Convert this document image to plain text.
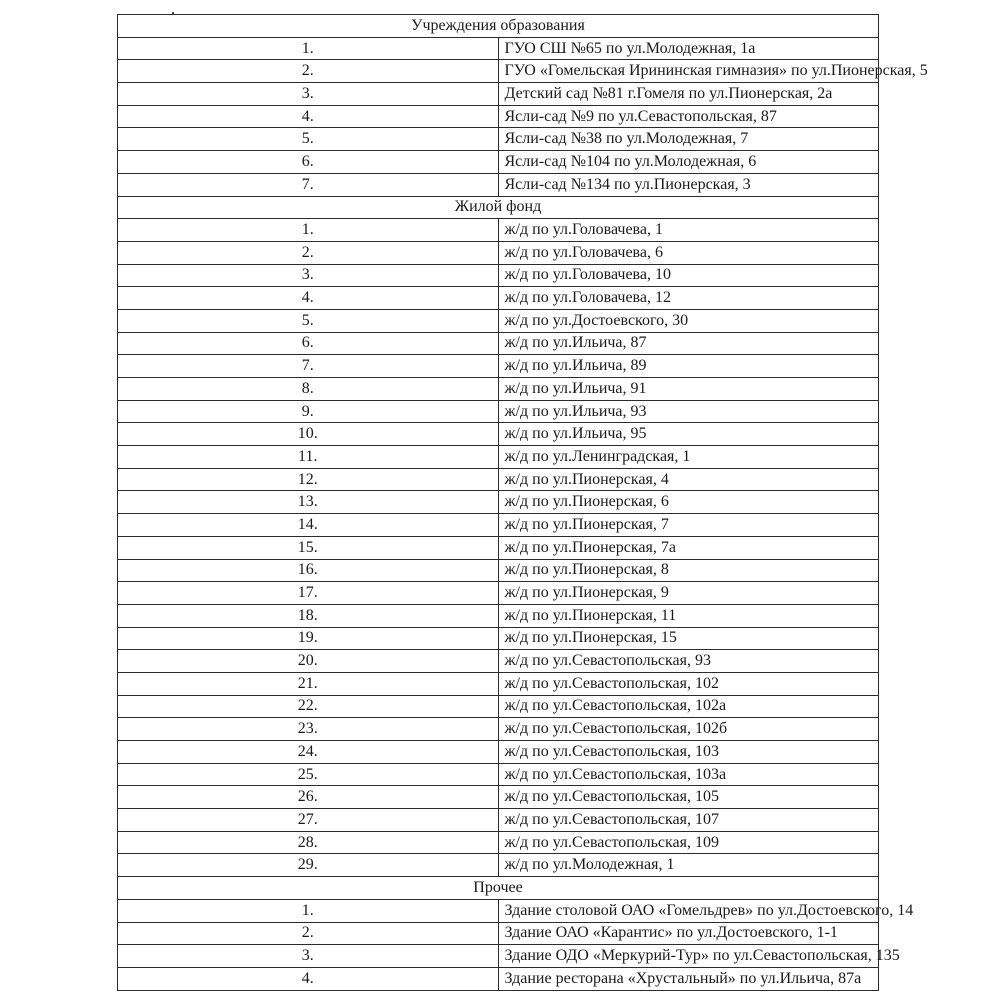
Учреждения образования	
1.	ГУО СШ №65 по ул.Молодежная, 1а
2.	ГУО «Гомельская Ирининская гимназия» по ул.Пионерская, 5
3.	Детский сад №81 г.Гомеля по ул.Пионерская, 2а
4.	Ясли-сад №9 по ул.Севастопольская, 87
5.	Ясли-сад №38 по ул.Молодежная, 7
6.	Ясли-сад №104 по ул.Молодежная, 6
7.	Ясли-сад №134 по ул.Пионерская, 3
Жилой фонд	
1.	ж/д по ул.Головачева, 1
2.	ж/д по ул.Головачева, 6
3.	ж/д по ул.Головачева, 10
4.	ж/д по ул.Головачева, 12
5.	ж/д по ул.Достоевского, 30
6.	ж/д по ул.Ильича, 87
7.	ж/д по ул.Ильича, 89
8.	ж/д по ул.Ильича, 91
9.	ж/д по ул.Ильича, 93
10.	ж/д по ул.Ильича, 95
11.	ж/д по ул.Ленинградская, 1
12.	ж/д по ул.Пионерская, 4
13.	ж/д по ул.Пионерская, 6
14.	ж/д по ул.Пионерская, 7
15.	ж/д по ул.Пионерская, 7а
16.	ж/д по ул.Пионерская, 8
17.	ж/д по ул.Пионерская, 9
18.	ж/д по ул.Пионерская, 11
19.	ж/д по ул.Пионерская, 15
20.	ж/д по ул.Севастопольская, 93
21.	ж/д по ул.Севастопольская, 102
22.	ж/д по ул.Севастопольская, 102а
23.	ж/д по ул.Севастопольская, 102б
24.	ж/д по ул.Севастопольская, 103
25.	ж/д по ул.Севастопольская, 103а
26.	ж/д по ул.Севастопольская, 105
27.	ж/д по ул.Севастопольская, 107
28.	ж/д по ул.Севастопольская, 109
29.	ж/д по ул.Молодежная, 1
Прочее	
1.	Здание столовой ОАО «Гомельдрев» по ул.Достоевского, 14
2.	Здание ОАО «Карантис» по ул.Достоевского, 1-1
3.	Здание ОДО «Меркурий-Тур» по ул.Севастопольская, 135
4.	Здание ресторана «Хрустальный» по ул.Ильича, 87а
